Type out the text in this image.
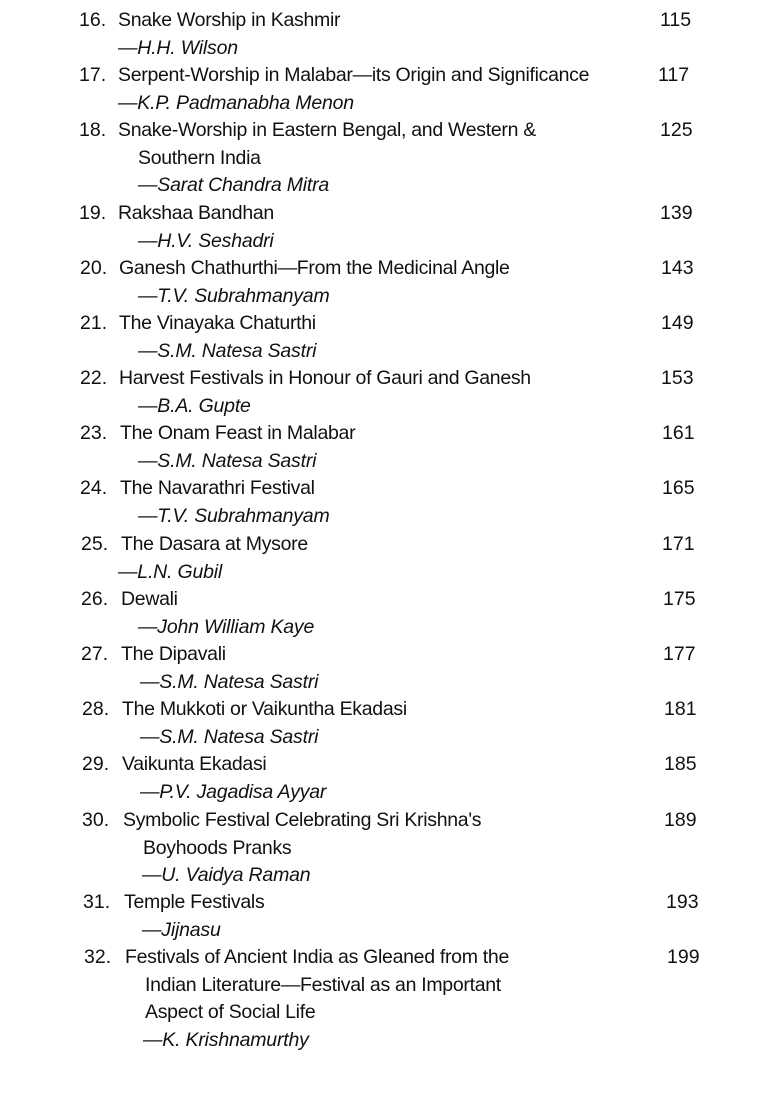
16. Snake Worship in Kashmir
—H.H. Wilson
115
17. Serpent-Worship in Malabar—its Origin and Significance
—K.P. Padmanabha Menon
117
18. Snake-Worship in Eastern Bengal, and Western &
Southern India
—Sarat Chandra Mitra
125
19. Rakshaa Bandhan
—H.V. Seshadri
139
20. Ganesh Chathurthi—From the Medicinal Angle
—T.V. Subrahmanyam
143
21. The Vinayaka Chaturthi
—S.M. Natesa Sastri
149
22. Harvest Festivals in Honour of Gauri and Ganesh
—B.A. Gupte
153
23. The Onam Feast in Malabar
—S.M. Natesa Sastri
161
24. The Navarathri Festival
—T.V. Subrahmanyam
165
25. The Dasara at Mysore
—L.N. Gubil
171
26. Dewali
—John William Kaye
175
27. The Dipavali
—S.M. Natesa Sastri
177
28. The Mukkoti or Vaikuntha Ekadasi
—S.M. Natesa Sastri
181
29. Vaikunta Ekadasi
—P.V. Jagadisa Ayyar
185
30. Symbolic Festival Celebrating Sri Krishna's
Boyhoods Pranks
—U. Vaidya Raman
189
31. Temple Festivals
—Jijnasu
193
32. Festivals of Ancient India as Gleaned from the
Indian Literature—Festival as an Important
Aspect of Social Life
—K. Krishnamurthy
199
